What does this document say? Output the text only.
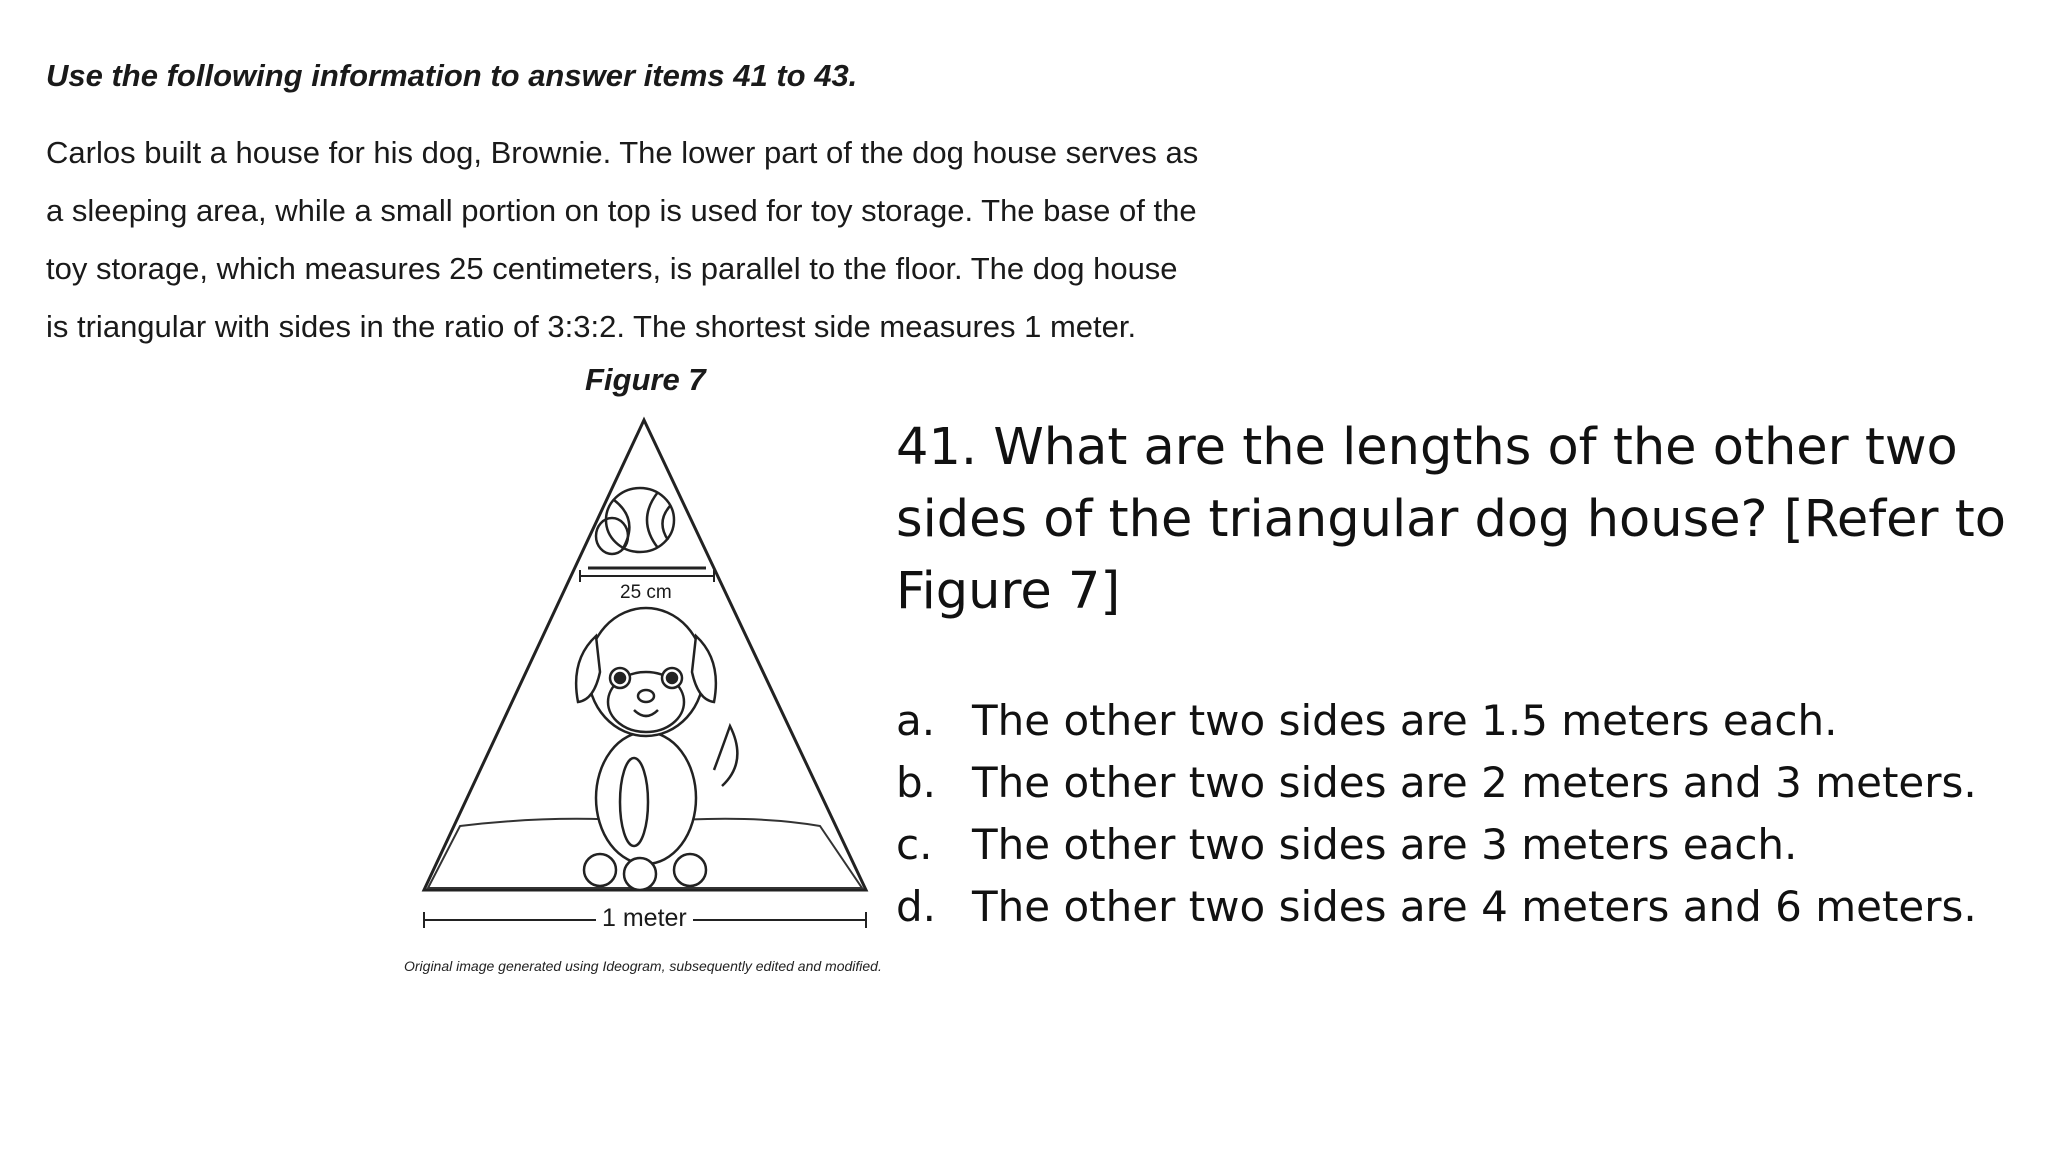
Use the following information to answer items 41 to 43.
Carlos built a house for his dog, Brownie. The lower part of the dog house serves as
a sleeping area, while a small portion on top is used for toy storage. The base of the
toy storage, which measures 25 centimeters, is parallel to the floor. The dog house
is triangular with sides in the ratio of 3:3:2. The shortest side measures 1 meter.
Figure 7
25 cm
1 meter
Original image generated using Ideogram, subsequently edited and modified.
41. What are the lengths of the other two sides of the triangular dog house? [Refer to Figure 7]
a. The other two sides are 1.5 meters each.
b. The other two sides are 2 meters and 3 meters.
c. The other two sides are 3 meters each.
d. The other two sides are 4 meters and 6 meters.
